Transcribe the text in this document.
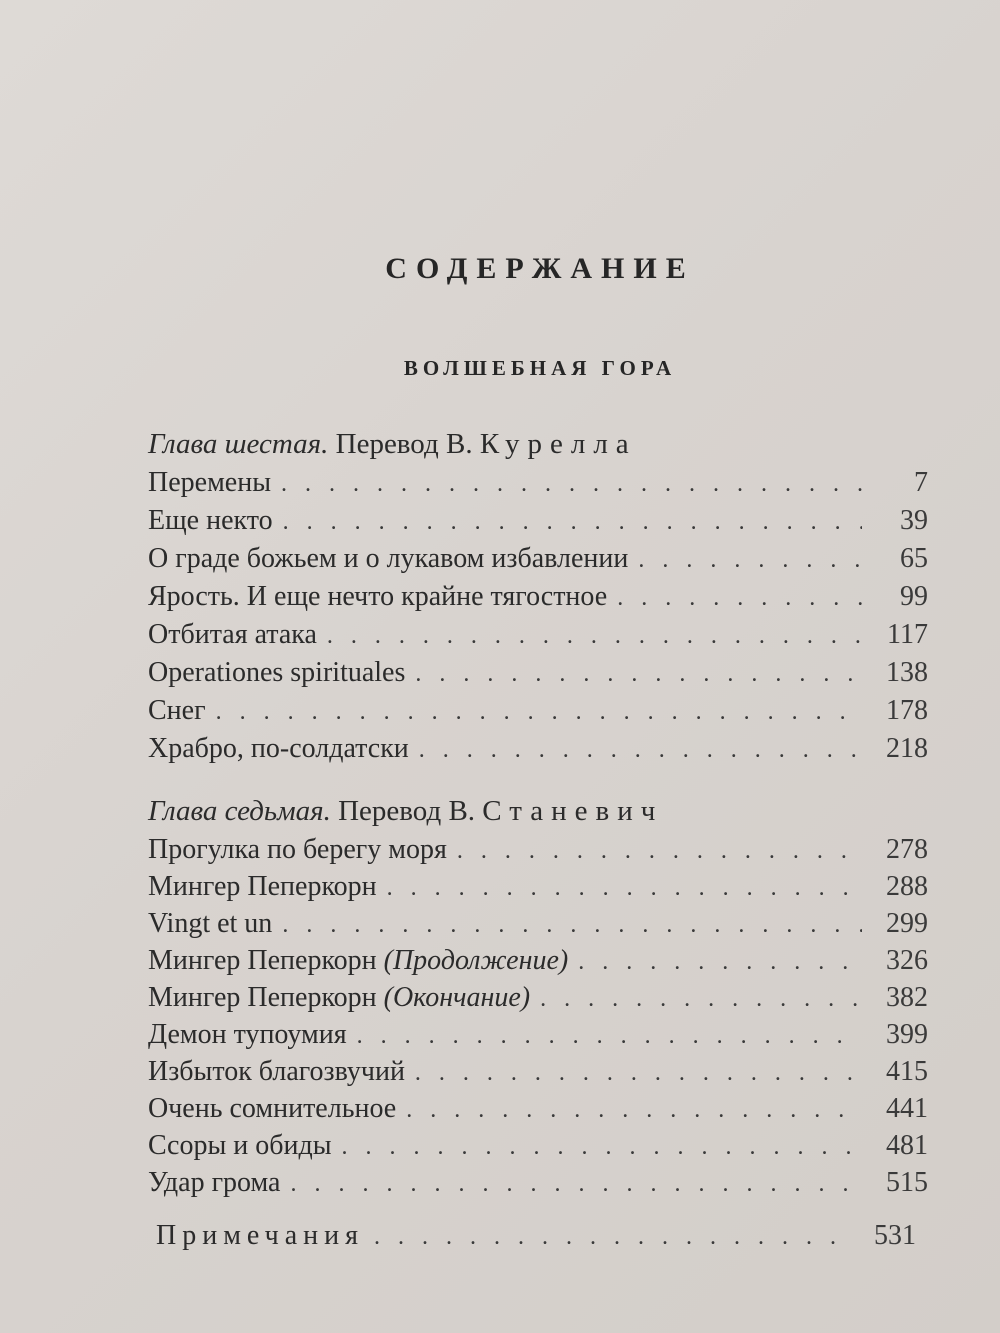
СОДЕРЖАНИЕ
ВОЛШЕБНАЯ ГОРА
Глава шестая. Перевод В. Курелла
Перемены . . .	7
Еще некто . . .	39
О граде божьем и о лукавом избавлении . . .	65
Ярость. И еще нечто крайне тягостное . . .	99
Отбитая атака . . .	117
Operationes spirituales . . .	138
Снег . . .	178
Храбро, по-солдатски . . .	218
Глава седьмая. Перевод В. Станевич
Прогулка по берегу моря . . .	278
Мингер Пеперкорн . . .	288
Vingt et un . . .	299
Мингер Пеперкорн (Продолжение) . . .	326
Мингер Пеперкорн (Окончание) . . .	382
Демон тупоумия . . .	399
Избыток благозвучий . . .	415
Очень сомнительное . . .	441
Ссоры и обиды . . .	481
Удар грома . . .	515
Примечания . . .	531
